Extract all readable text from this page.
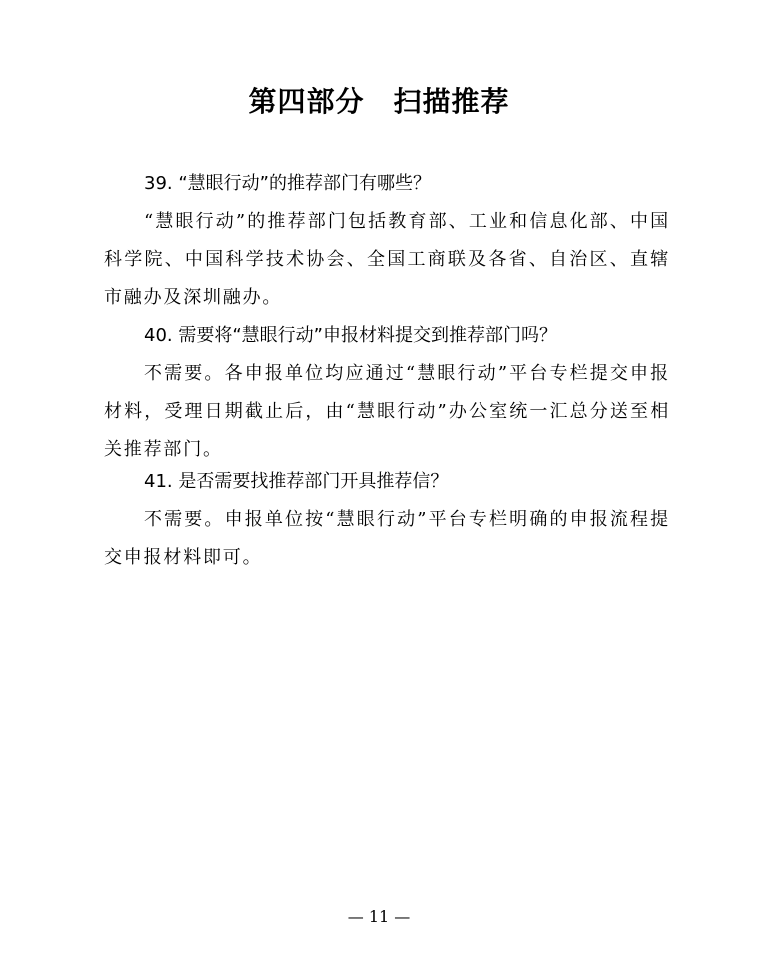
第四部分　扫描推荐

39. “慧眼行动”的推荐部门有哪些？

“慧眼行动”的推荐部门包括教育部、工业和信息化部、中国科学院、中国科学技术协会、全国工商联及各省、自治区、直辖市融办及深圳融办。

40. 需要将“慧眼行动”申报材料提交到推荐部门吗？

不需要。各申报单位均应通过“慧眼行动”平台专栏提交申报材料，受理日期截止后，由“慧眼行动”办公室统一汇总分送至相关推荐部门。

41. 是否需要找推荐部门开具推荐信？

不需要。申报单位按“慧眼行动”平台专栏明确的申报流程提交申报材料即可。

— 11 —
